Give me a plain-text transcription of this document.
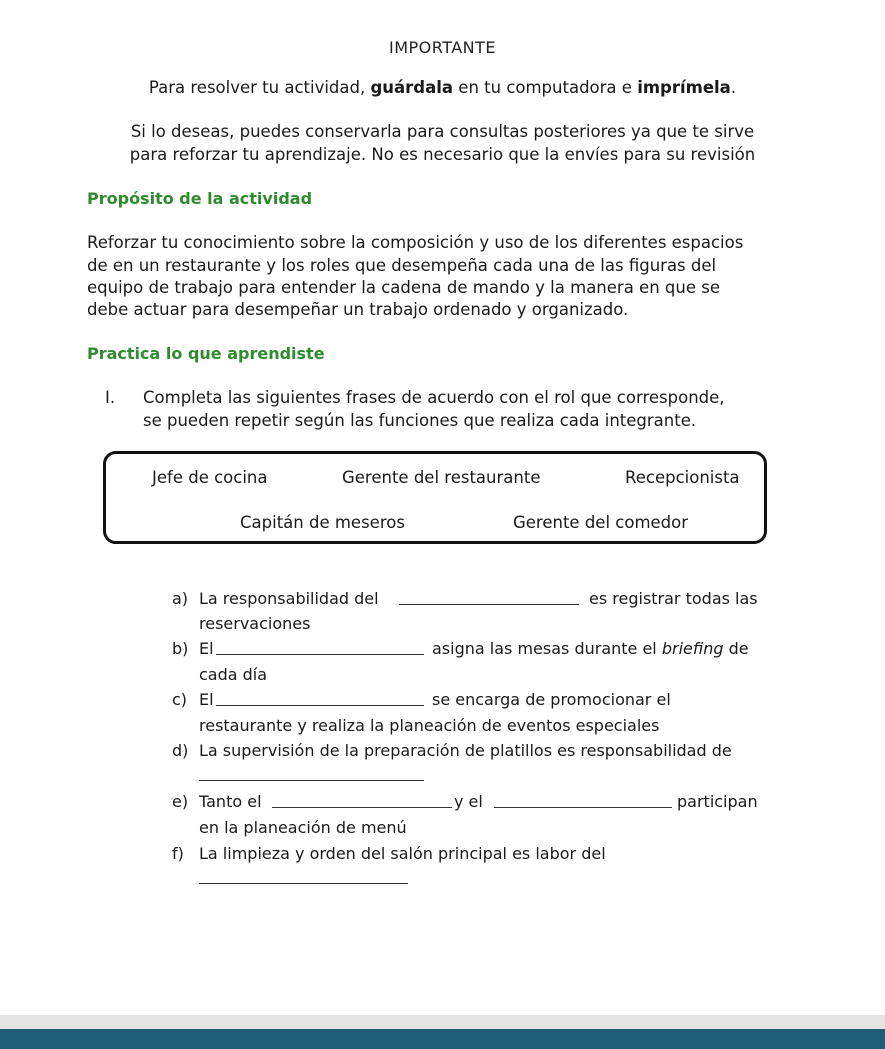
IMPORTANTE
Para resolver tu actividad, guárdala en tu computadora e imprímela.
Si lo deseas, puedes conservarla para consultas posteriores ya que te sirve
para reforzar tu aprendizaje. No es necesario que la envíes para su revisión
Propósito de la actividad
Reforzar tu conocimiento sobre la composición y uso de los diferentes espacios
de en un restaurante y los roles que desempeña cada una de las figuras del
equipo de trabajo para entender la cadena de mando y la manera en que se
debe actuar para desempeñar un trabajo ordenado y organizado.
Practica lo que aprendiste
I. Completa las siguientes frases de acuerdo con el rol que corresponde,
se pueden repetir según las funciones que realiza cada integrante.
Jefe de cocina	Gerente del restaurante	Recepcionista
Capitán de meseros	Gerente del comedor
a) La responsabilidad del	es registrar todas las
reservaciones
b) El	asigna las mesas durante el briefing de
cada día
c) El	se encarga de promocionar el
restaurante y realiza la planeación de eventos especiales
d) La supervisión de la preparación de platillos es responsabilidad de
e) Tanto el	y el	participan
en la planeación de menú
f) La limpieza y orden del salón principal es labor del
